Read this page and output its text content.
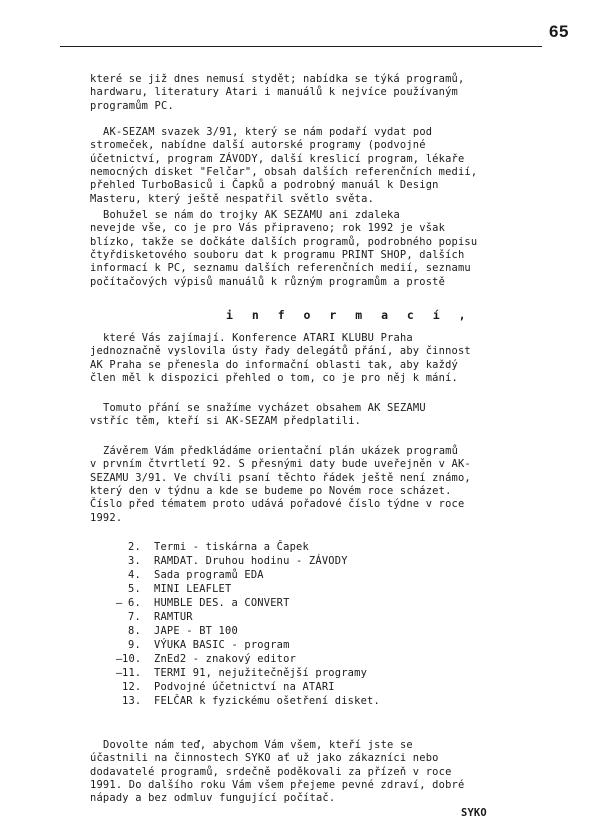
65
které se již dnes nemusí stydět; nabídka se týká programů,
hardwaru, literatury Atari i manuálů k nejvíce používaným
programům PC.
AK-SEZAM svazek 3/91, který se nám podaří vydat pod
stromeček, nabídne další autorské programy (podvojné
účetnictví, program ZÁVODY, další kreslicí program, lékaře
nemocných disket "Felčar", obsah dalších referenčních medií,
přehled TurboBasiců i Čapků a podrobný manuál k Design
Masteru, který ještě nespatřil světlo světa.
Bohužel se nám do trojky AK SEZAMU ani zdaleka
nevejde vše, co je pro Vás připraveno; rok 1992 je však
blízko, takže se dočkáte dalších programů, podrobného popisu
čtyřdisketového souboru dat k programu PRINT SHOP, dalších
informací k PC, seznamu dalších referenčních medií, seznamu
počítačových výpisů manuálů k různým programům a prostě
i n f o r m a c í ,
které Vás zajímají. Konference ATARI KLUBU Praha
jednoznačně vyslovila ústy řady delegátů přání, aby činnost
AK Praha se přenesla do informační oblasti tak, aby každý
člen měl k dispozici přehled o tom, co je pro něj k mání.
Tomuto přání se snažíme vycházet obsahem AK SEZAMU
vstříc těm, kteří si AK-SEZAM předplatili.
Závěrem Vám předkládáme orientační plán ukázek programů
v prvním čtvrtletí 92. S přesnými daty bude uveřejněn v AK-
SEZAMU 3/91. Ve chvíli psaní těchto řádek ještě není známo,
který den v týdnu a kde se budeme po Novém roce scházet.
Číslo před tématem proto udává pořadové číslo týdne v roce
1992.
2. Termi - tiskárna a Čapek
3. RAMDAT. Druhou hodinu - ZÁVODY
4. Sada programů EDA
5. MINI LEAFLET
– 6. HUMBLE DES. a CONVERT
7. RAMTUR
8. JAPE - BT 100
9. VÝUKA BASIC - program
– 10. ZnEd2 - znakový editor
– 11. TERMI 91, nejužitečnější programy
12. Podvojné účetnictví na ATARI
13. FELČAR k fyzickému ošetření disket.
Dovolte nám teď, abychom Vám všem, kteří jste se
účastnili na činnostech SYKO ať už jako zákazníci nebo
dodavatelé programů, srdečně poděkovali za přízeň v roce
1991. Do dalšího roku Vám všem přejeme pevné zdraví, dobré
nápady a bez odmluv fungující počítač.
SYKO
